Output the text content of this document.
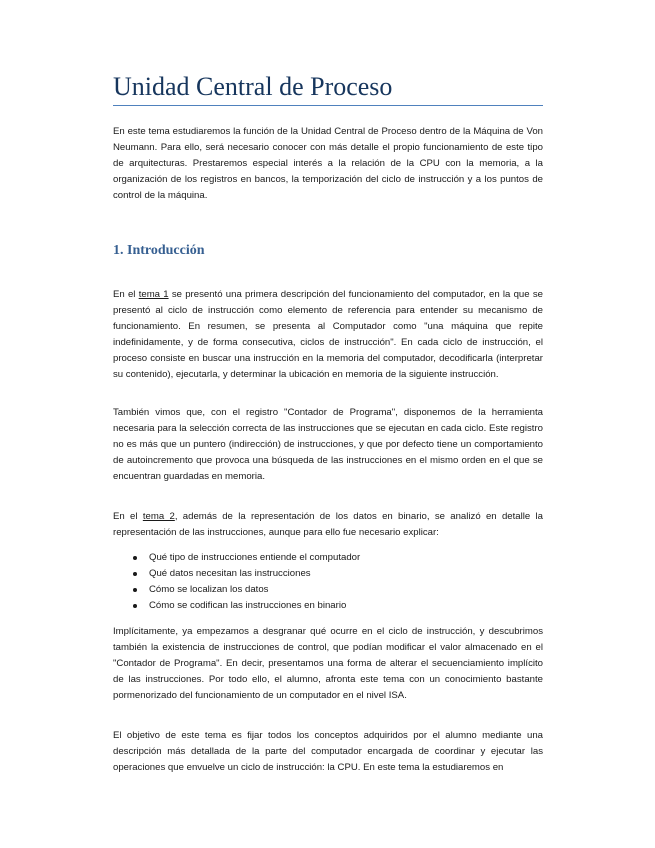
Unidad Central de Proceso

En este tema estudiaremos la función de la Unidad Central de Proceso dentro de la Máquina de Von Neumann. Para ello, será necesario conocer con más detalle el propio funcionamiento de este tipo de arquitecturas. Prestaremos especial interés a la relación de la CPU con la memoria, a la organización de los registros en bancos, la temporización del ciclo de instrucción y a los puntos de control de la máquina.

1. Introducción

En el tema 1 se presentó una primera descripción del funcionamiento del computador, en la que se presentó al ciclo de instrucción como elemento de referencia para entender su mecanismo de funcionamiento. En resumen, se presenta al Computador como "una máquina que repite indefinidamente, y de forma consecutiva, ciclos de instrucción". En cada ciclo de instrucción, el proceso consiste en buscar una instrucción en la memoria del computador, decodificarla (interpretar su contenido), ejecutarla, y determinar la ubicación en memoria de la siguiente instrucción.

También vimos que, con el registro "Contador de Programa", disponemos de la herramienta necesaria para la selección correcta de las instrucciones que se ejecutan en cada ciclo. Este registro no es más que un puntero (indirección) de instrucciones, y que por defecto tiene un comportamiento de autoincremento que provoca una búsqueda de las instrucciones en el mismo orden en el que se encuentran guardadas en memoria.

En el tema 2, además de la representación de los datos en binario, se analizó en detalle la representación de las instrucciones, aunque para ello fue necesario explicar:

Qué tipo de instrucciones entiende el computador
Qué datos necesitan las instrucciones
Cómo se localizan los datos
Cómo se codifican las instrucciones en binario

Implícitamente, ya empezamos a desgranar qué ocurre en el ciclo de instrucción, y descubrimos también la existencia de instrucciones de control, que podían modificar el valor almacenado en el "Contador de Programa". En decir, presentamos una forma de alterar el secuenciamiento implícito de las instrucciones. Por todo ello, el alumno, afronta este tema con un conocimiento bastante pormenorizado del funcionamiento de un computador en el nivel ISA.

El objetivo de este tema es fijar todos los conceptos adquiridos por el alumno mediante una descripción más detallada de la parte del computador encargada de coordinar y ejecutar las operaciones que envuelve un ciclo de instrucción: la CPU. En este tema la estudiaremos en
